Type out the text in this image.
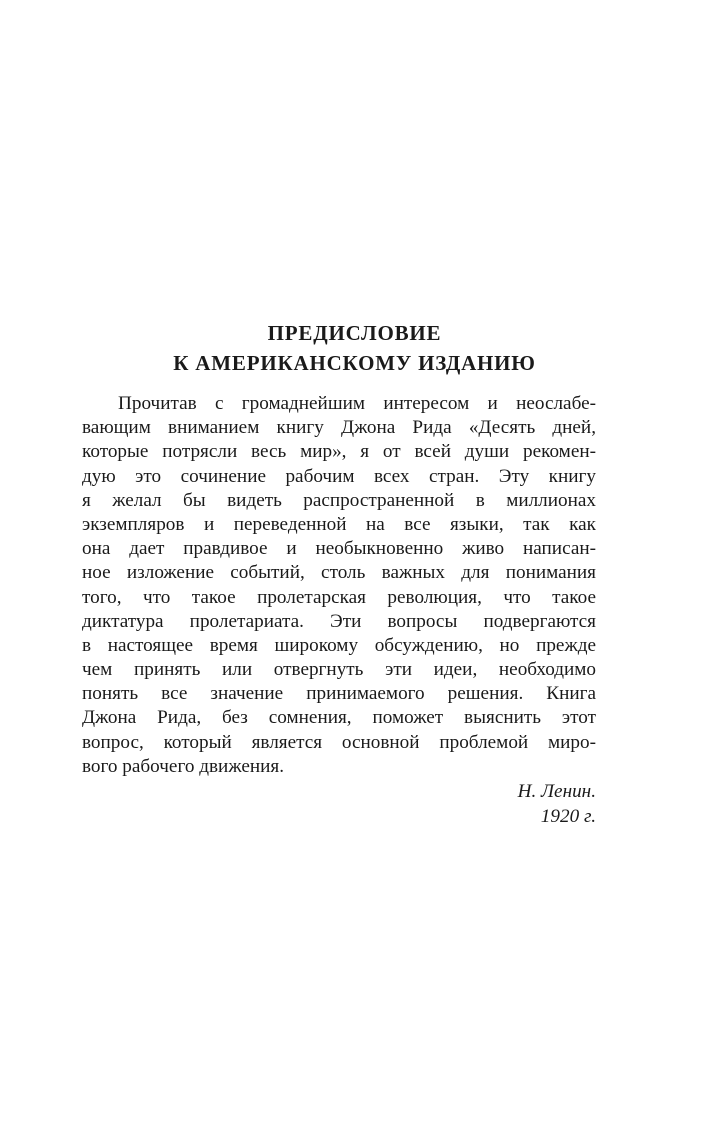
ПРЕДИСЛОВИЕ
К АМЕРИКАНСКОМУ ИЗДАНИЮ
Прочитав с громаднейшим интересом и неослабе-
вающим вниманием книгу Джона Рида «Десять дней,
которые потрясли весь мир», я от всей души рекомен-
дую это сочинение рабочим всех стран. Эту книгу
я желал бы видеть распространенной в миллионах
экземпляров и переведенной на все языки, так как
она дает правдивое и необыкновенно живо написан-
ное изложение событий, столь важных для понимания
того, что такое пролетарская революция, что такое
диктатура пролетариата. Эти вопросы подвергаются
в настоящее время широкому обсуждению, но прежде
чем принять или отвергнуть эти идеи, необходимо
понять все значение принимаемого решения. Книга
Джона Рида, без сомнения, поможет выяснить этот
вопрос, который является основной проблемой миро-
вого рабочего движения.
Н. Ленин.
1920 г.
